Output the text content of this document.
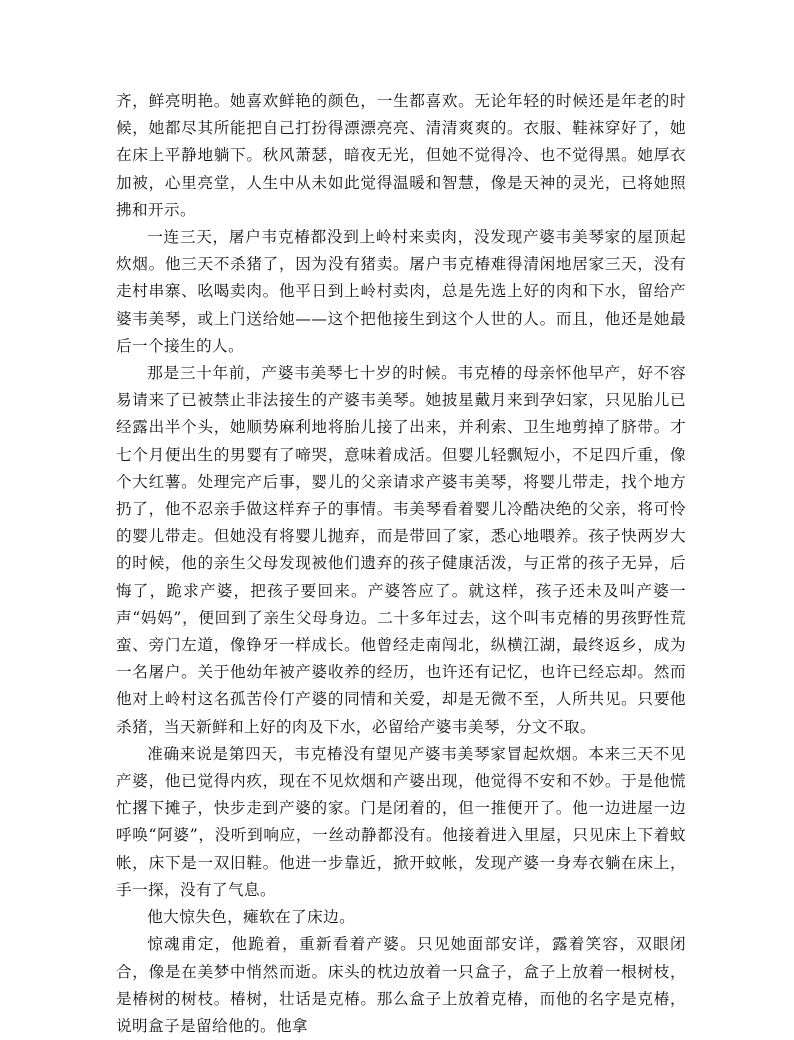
齐，鲜亮明艳。她喜欢鲜艳的颜色，一生都喜欢。无论年轻的时候还是年老的时候，她都尽其所能把自己打扮得漂漂亮亮、清清爽爽的。衣服、鞋袜穿好了，她在床上平静地躺下。秋风萧瑟，暗夜无光，但她不觉得冷、也不觉得黑。她厚衣加被，心里亮堂，人生中从未如此觉得温暖和智慧，像是天神的灵光，已将她照拂和开示。

一连三天，屠户韦克椿都没到上岭村来卖肉，没发现产婆韦美琴家的屋顶起炊烟。他三天不杀猪了，因为没有猪卖。屠户韦克椿难得清闲地居家三天，没有走村串寨、吆喝卖肉。他平日到上岭村卖肉，总是先选上好的肉和下水，留给产婆韦美琴，或上门送给她——这个把他接生到这个人世的人。而且，他还是她最后一个接生的人。

那是三十年前，产婆韦美琴七十岁的时候。韦克椿的母亲怀他早产，好不容易请来了已被禁止非法接生的产婆韦美琴。她披星戴月来到孕妇家，只见胎儿已经露出半个头，她顺势麻利地将胎儿接了出来，并利索、卫生地剪掉了脐带。才七个月便出生的男婴有了啼哭，意味着成活。但婴儿轻飘短小，不足四斤重，像个大红薯。处理完产后事，婴儿的父亲请求产婆韦美琴，将婴儿带走，找个地方扔了，他不忍亲手做这样弃子的事情。韦美琴看着婴儿冷酷决绝的父亲，将可怜的婴儿带走。但她没有将婴儿抛弃，而是带回了家，悉心地喂养。孩子快两岁大的时候，他的亲生父母发现被他们遗弃的孩子健康活泼，与正常的孩子无异，后悔了，跪求产婆，把孩子要回来。产婆答应了。就这样，孩子还未及叫产婆一声“妈妈”，便回到了亲生父母身边。二十多年过去，这个叫韦克椿的男孩野性荒蛮、旁门左道，像铮牙一样成长。他曾经走南闯北，纵横江湖，最终返乡，成为一名屠户。关于他幼年被产婆收养的经历，也许还有记忆，也许已经忘却。然而他对上岭村这名孤苦伶仃产婆的同情和关爱，却是无微不至，人所共见。只要他杀猪，当天新鲜和上好的肉及下水，必留给产婆韦美琴，分文不取。

准确来说是第四天，韦克椿没有望见产婆韦美琴家冒起炊烟。本来三天不见产婆，他已觉得内疚，现在不见炊烟和产婆出现，他觉得不安和不妙。于是他慌忙撂下摊子，快步走到产婆的家。门是闭着的，但一推便开了。他一边进屋一边呼唤“阿婆”，没听到响应，一丝动静都没有。他接着进入里屋，只见床上下着蚊帐，床下是一双旧鞋。他进一步靠近，掀开蚊帐，发现产婆一身寿衣躺在床上，手一探，没有了气息。

他大惊失色，瘫软在了床边。

惊魂甫定，他跪着，重新看着产婆。只见她面部安详，露着笑容，双眼闭合，像是在美梦中悄然而逝。床头的枕边放着一只盒子，盒子上放着一根树枝，是椿树的树枝。椿树，壮话是克椿。那么盒子上放着克椿，而他的名字是克椿，说明盒子是留给他的。他拿
